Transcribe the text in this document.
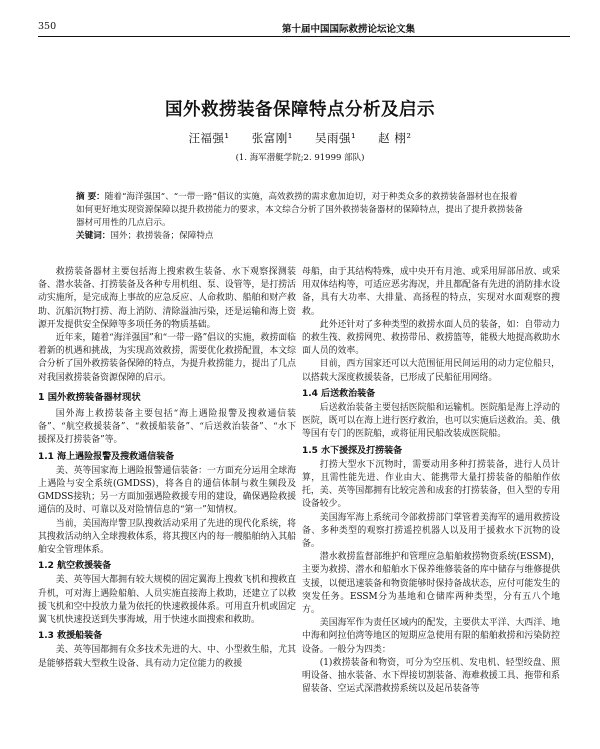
350	第十届中国国际救捞论坛论文集
国外救捞装备保障特点分析及启示
汪福强¹ 张富刚¹ 吴雨强¹ 赵 栩²
(1. 海军潜艇学院;2. 91999 部队)
摘 要：随着“海洋强国”、“一带一路”倡议的实施，高效救捞的需求愈加迫切，对于种类众多的救捞装备器材也在报着如何更好地实现资源保障以提升救捞能力的要求，本文综合分析了国外救捞装备器材的保障特点，提出了提升救捞装备器材可用性的几点启示。
关键词：国外；救捞装备；保障特点

救捞装备器材主要包括海上搜索救生装备、水下观察探测装备、潜水装备、打捞装备及各种专用机组、泵、设管等，是打捞活动实施所，是完成海上事故的应急反应、人命救助、船舶和财产救助、沉船沉物打捞、海上消防、清除溢油污染，还是运输和海上资源开发提供安全保障等多项任务的物质基础。

近年来，随着“海洋强国”和“一带一路”倡议的实施，救捞面临着新的机遇和挑战，为实现高效救捞，需要优化救捞配置，本文综合分析了国外救捞装备保障的特点，为提升救捞能力，提出了几点对我国救捞装备资源保障的启示。

1 国外救捞装备器材现状

国外海上救捞装备主要包括“海上遇险报警及搜救通信装备”、“航空救援装备”、“救援船装备”、“后送救治装备”、“水下援探及打捞装备”等。

1.1 海上遇险报警及搜救通信装备

美、英等国家海上遇险报警通信装备：一方面充分运用全球海上遇险与安全系统(GMDSS)，将各自的通信体制与救生频段及GMDSS接轨；另一方面加强遇险救援专用的建设，确保遇险救援通信的及时、可靠以及对险情信息的“第一”知情权。

当前，美国海岸警卫队搜救活动采用了先进的现代化系统，将其搜救活动纳入全球搜救体系，将其搜区内的每一艘船舶纳入其船舶安全管理体系。

1.2 航空救援装备

美、英等国大都拥有较大规模的固定翼海上搜救飞机和搜救直升机，可对海上遇险船舶、人员实施直接海上救助，还建立了以救援飞机和空中投放力量为依托的快速救援体系。可用直升机或固定翼飞机快速投送到失事海域，用于快速水面搜索和救助。

1.3 救援船装备

美、英等国都拥有众多技术先进的大、中、小型救生船，尤其是能够搭载大型救生设备、具有动力定位能力的救援

母船，由于其结构特殊，成中央开有月池、或采用屏部吊放、或采用双体结构等，可适应恶劣海况，并且都配备有先进的消防排水设备，具有大功率、大排量、高扬程的特点，实现对水面观察的搜救。

此外还针对了多种类型的救捞水面人员的装备，如：自带动力的救生筏、救捞网兜、救捞带吊、救捞篮等，能极大地提高救助水面人员的效率。

目前，西方国家还可以大范围征用民间运用的动力定位船只，以搭载大深度救援装备，已形成了民船征用网络。

1.4 后送救治装备

后送救治装备主要包括医院船和运输机。医院船是海上浮动的医院，既可以在海上进行医疗救治，也可以实施后送救治。美、俄等国有专门的医院船，或将征用民船改装成医院船。

1.5 水下援探及打捞装备

打捞大型水下沉物时，需要动用多种打捞装备，进行人员计算，且需性能先进、作业由大、能携带大量打捞装备的船舶作依托，美、英等国都拥有比较完善和成套的打捞装备，但入型的专用设备较少。

美国海军海上系统司令部救捞部门掌管着美海军的通用救捞设备、多种类型的观察打捞遥控机器人以及用于援救水下沉物的设备。

潜水救捞监督部维护和管理应急船舶救捞物资系统(ESSM)，主要为救捞、潜水和船舶水下保养维修装备的库中储存与维修提供支援，以便迅速装备和物资能够时保持备战状态，应付可能发生的突发任务。ESSM分为基地和仓储库两种类型，分有五八个地方。

美国海军作为责任区域内的配发，主要供太平洋、大西洋、地中海和阿拉伯湾等地区的短期应急使用有限的船舶救捞和污染防控设备。一般分为四类：

(1)救捞装备和物资，可分为空压机、发电机、轻型绞盘、照明设备、抽水装备、水下焊接切割装备、海难救援工具、拖带和系留装备、空运式深潜救捞系统以及起吊装备等
